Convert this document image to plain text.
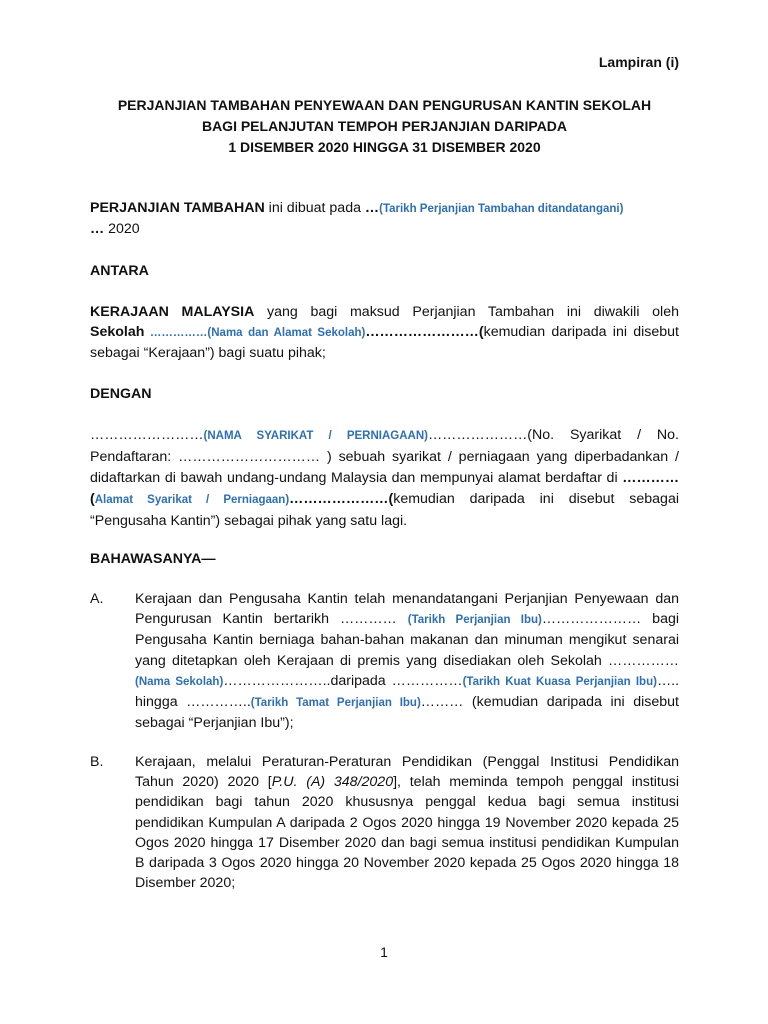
Lampiran (i)
PERJANJIAN TAMBAHAN PENYEWAAN DAN PENGURUSAN KANTIN SEKOLAH
BAGI PELANJUTAN TEMPOH PERJANJIAN DARIPADA
1 DISEMBER 2020 HINGGA 31 DISEMBER 2020
PERJANJIAN TAMBAHAN ini dibuat pada …(Tarikh Perjanjian Tambahan ditandatangani)
… 2020
ANTARA
KERAJAAN MALAYSIA yang bagi maksud Perjanjian Tambahan ini diwakili oleh
Sekolah ……………(Nama dan Alamat Sekolah)……………………(kemudian daripada ini disebut sebagai “Kerajaan”) bagi suatu pihak;
DENGAN
……………………(NAMA SYARIKAT / PERNIAGAAN)…………………(No. Syarikat / No. Pendaftaran: ………………………… ) sebuah syarikat / perniagaan yang diperbadankan / didaftarkan di bawah undang-undang Malaysia dan mempunyai alamat berdaftar di …………(Alamat Syarikat / Perniagaan)…………………(kemudian daripada ini disebut sebagai “Pengusaha Kantin”) sebagai pihak yang satu lagi.
BAHAWASANYA—
A.	Kerajaan dan Pengusaha Kantin telah menandatangani Perjanjian Penyewaan dan Pengurusan Kantin bertarikh ………… (Tarikh Perjanjian Ibu)………………… bagi Pengusaha Kantin berniaga bahan-bahan makanan dan minuman mengikut senarai yang ditetapkan oleh Kerajaan di premis yang disediakan oleh Sekolah ……………(Nama Sekolah)…………………..daripada ……………(Tarikh Kuat Kuasa Perjanjian Ibu)….. hingga …………..(Tarikh Tamat Perjanjian Ibu)……… (kemudian daripada ini disebut sebagai “Perjanjian Ibu”);
B.	Kerajaan, melalui Peraturan-Peraturan Pendidikan (Penggal Institusi Pendidikan Tahun 2020) 2020 [P.U. (A) 348/2020], telah meminda tempoh penggal institusi pendidikan bagi tahun 2020 khususnya penggal kedua bagi semua institusi pendidikan Kumpulan A daripada 2 Ogos 2020 hingga 19 November 2020 kepada 25 Ogos 2020 hingga 17 Disember 2020 dan bagi semua institusi pendidikan Kumpulan B daripada 3 Ogos 2020 hingga 20 November 2020 kepada 25 Ogos 2020 hingga 18 Disember 2020;
1
